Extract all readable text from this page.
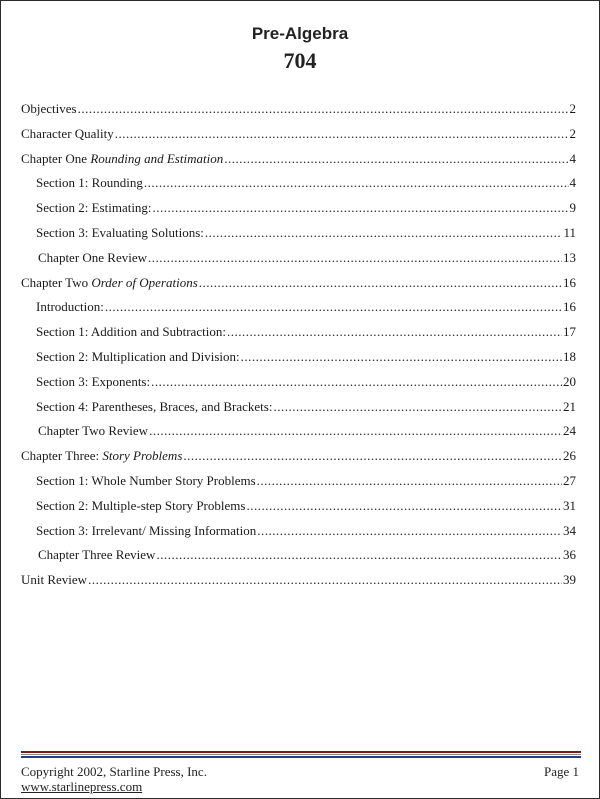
Pre-Algebra
704
Objectives .....	2
Character Quality .....	2
Chapter One Rounding and Estimation .....	4
Section 1: Rounding .....	4
Section 2: Estimating: .....	9
Section 3: Evaluating Solutions: .....	11
Chapter One Review .....	13
Chapter Two Order of Operations .....	16
Introduction: .....	16
Section 1: Addition and Subtraction: .....	17
Section 2: Multiplication and Division: .....	18
Section 3: Exponents: .....	20
Section 4: Parentheses, Braces, and Brackets: .....	21
Chapter Two Review .....	24
Chapter Three: Story Problems .....	26
Section 1: Whole Number Story Problems .....	27
Section 2: Multiple-step Story Problems .....	31
Section 3: Irrelevant/ Missing Information .....	34
Chapter Three Review .....	36
Unit Review .....	39
Copyright 2002, Starline Press, Inc.
www.starlinepress.com
Page 1
